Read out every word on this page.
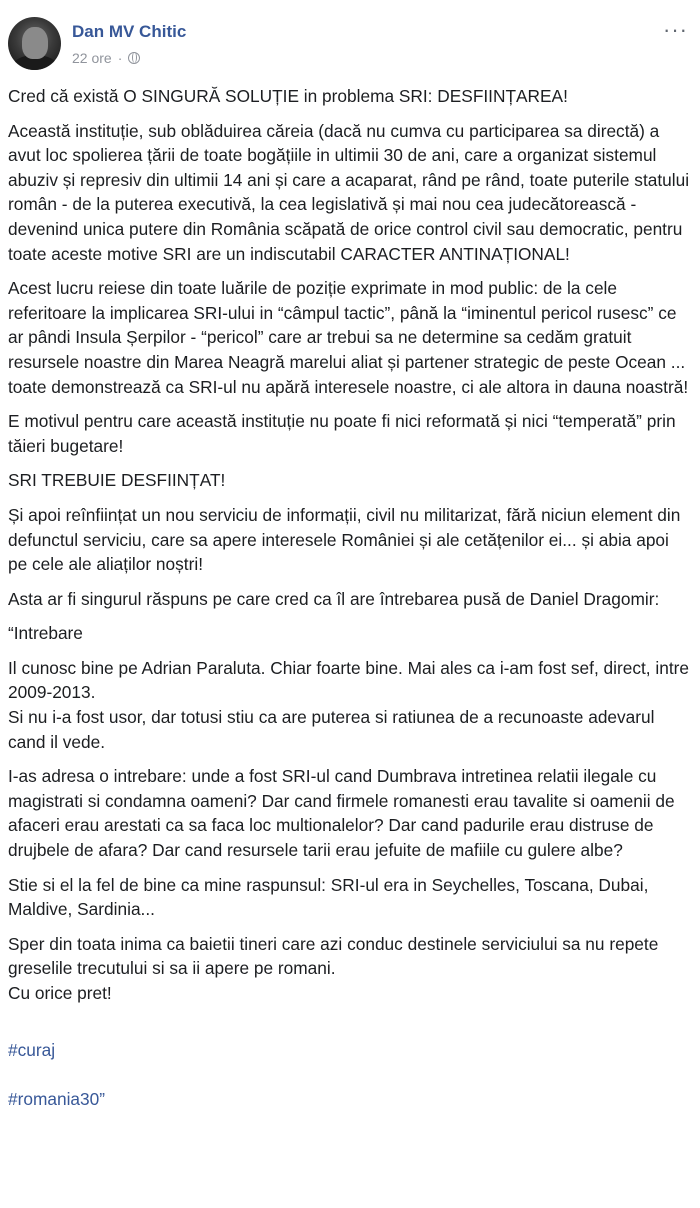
Dan MV Chitic
22 ore ·
···

Cred că există O SINGURĂ SOLUȚIE in problema SRI: DESFIINȚAREA!

Această instituție, sub oblăduirea căreia (dacă nu cumva cu participarea sa directă) a avut loc spolierea țării de toate bogățiile in ultimii 30 de ani, care a organizat sistemul abuziv și represiv din ultimii 14 ani și care a acaparat, rând pe rând, toate puterile statului român - de la puterea executivă, la cea legislativă și mai nou cea judecătorească - devenind unica putere din România scăpată de orice control civil sau democratic, pentru toate aceste motive SRI are un indiscutabil CARACTER ANTINAȚIONAL!

Acest lucru reiese din toate luările de poziție exprimate in mod public: de la cele referitoare la implicarea SRI-ului in “câmpul tactic”, până la “iminentul pericol rusesc” ce ar pândi Insula Șerpilor - “pericol” care ar trebui sa ne determine sa cedăm gratuit resursele noastre din Marea Neagră marelui aliat și partener strategic de peste Ocean ... toate demonstrează ca SRI-ul nu apără interesele noastre, ci ale altora in dauna noastră!

E motivul pentru care această instituție nu poate fi nici reformată și nici “temperată” prin tăieri bugetare!

SRI TREBUIE DESFIINȚAT!

Și apoi reînființat un nou serviciu de informații, civil nu militarizat, fără niciun element din defunctul serviciu, care sa apere interesele României și ale cetățenilor ei... și abia apoi pe cele ale aliaților noștri!

Asta ar fi singurul răspuns pe care cred ca îl are întrebarea pusă de Daniel Dragomir:

“Intrebare

Il cunosc bine pe Adrian Paraluta. Chiar foarte bine. Mai ales ca i-am fost sef, direct, intre 2009-2013.
Si nu i-a fost usor, dar totusi stiu ca are puterea si ratiunea de a recunoaste adevarul cand il vede.

I-as adresa o intrebare: unde a fost SRI-ul cand Dumbrava intretinea relatii ilegale cu magistrati si condamna oameni? Dar cand firmele romanesti erau tavalite si oamenii de afaceri erau arestati ca sa faca loc multionalelor? Dar cand padurile erau distruse de drujbele de afara? Dar cand resursele tarii erau jefuite de mafiile cu gulere albe?

Stie si el la fel de bine ca mine raspunsul: SRI-ul era in Seychelles, Toscana, Dubai, Maldive, Sardinia...

Sper din toata inima ca baietii tineri care azi conduc destinele serviciului sa nu repete greselile trecutului si sa ii apere pe romani.
Cu orice pret!

#curaj

#romania30”
